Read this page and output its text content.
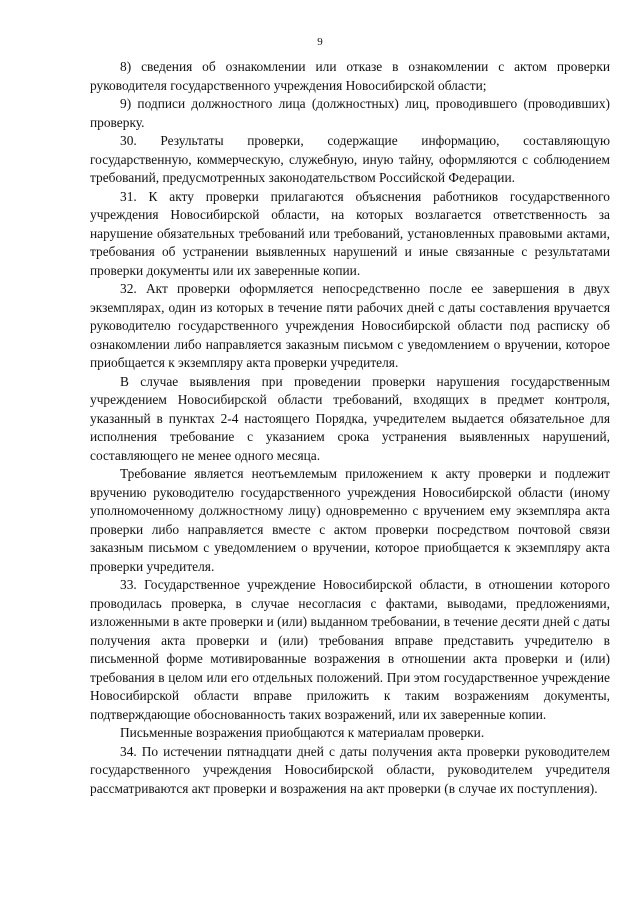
9

8) сведения об ознакомлении или отказе в ознакомлении с актом проверки руководителя государственного учреждения Новосибирской области;

9) подписи должностного лица (должностных) лиц, проводившего (проводивших) проверку.

30. Результаты проверки, содержащие информацию, составляющую государственную, коммерческую, служебную, иную тайну, оформляются с соблюдением требований, предусмотренных законодательством Российской Федерации.

31. К акту проверки прилагаются объяснения работников государственного учреждения Новосибирской области, на которых возлагается ответственность за нарушение обязательных требований или требований, установленных правовыми актами, требования об устранении выявленных нарушений и иные связанные с результатами проверки документы или их заверенные копии.

32. Акт проверки оформляется непосредственно после ее завершения в двух экземплярах, один из которых в течение пяти рабочих дней с даты составления вручается руководителю государственного учреждения Новосибирской области под расписку об ознакомлении либо направляется заказным письмом с уведомлением о вручении, которое приобщается к экземпляру акта проверки учредителя.

В случае выявления при проведении проверки нарушения государственным учреждением Новосибирской области требований, входящих в предмет контроля, указанный в пунктах 2-4 настоящего Порядка, учредителем выдается обязательное для исполнения требование с указанием срока устранения выявленных нарушений, составляющего не менее одного месяца.

Требование является неотъемлемым приложением к акту проверки и подлежит вручению руководителю государственного учреждения Новосибирской области (иному уполномоченному должностному лицу) одновременно с вручением ему экземпляра акта проверки либо направляется вместе с актом проверки посредством почтовой связи заказным письмом с уведомлением о вручении, которое приобщается к экземпляру акта проверки учредителя.

33. Государственное учреждение Новосибирской области, в отношении которого проводилась проверка, в случае несогласия с фактами, выводами, предложениями, изложенными в акте проверки и (или) выданном требовании, в течение десяти дней с даты получения акта проверки и (или) требования вправе представить учредителю в письменной форме мотивированные возражения в отношении акта проверки и (или) требования в целом или его отдельных положений. При этом государственное учреждение Новосибирской области вправе приложить к таким возражениям документы, подтверждающие обоснованность таких возражений, или их заверенные копии.

Письменные возражения приобщаются к материалам проверки.

34. По истечении пятнадцати дней с даты получения акта проверки руководителем государственного учреждения Новосибирской области, руководителем учредителя рассматриваются акт проверки и возражения на акт проверки (в случае их поступления).
